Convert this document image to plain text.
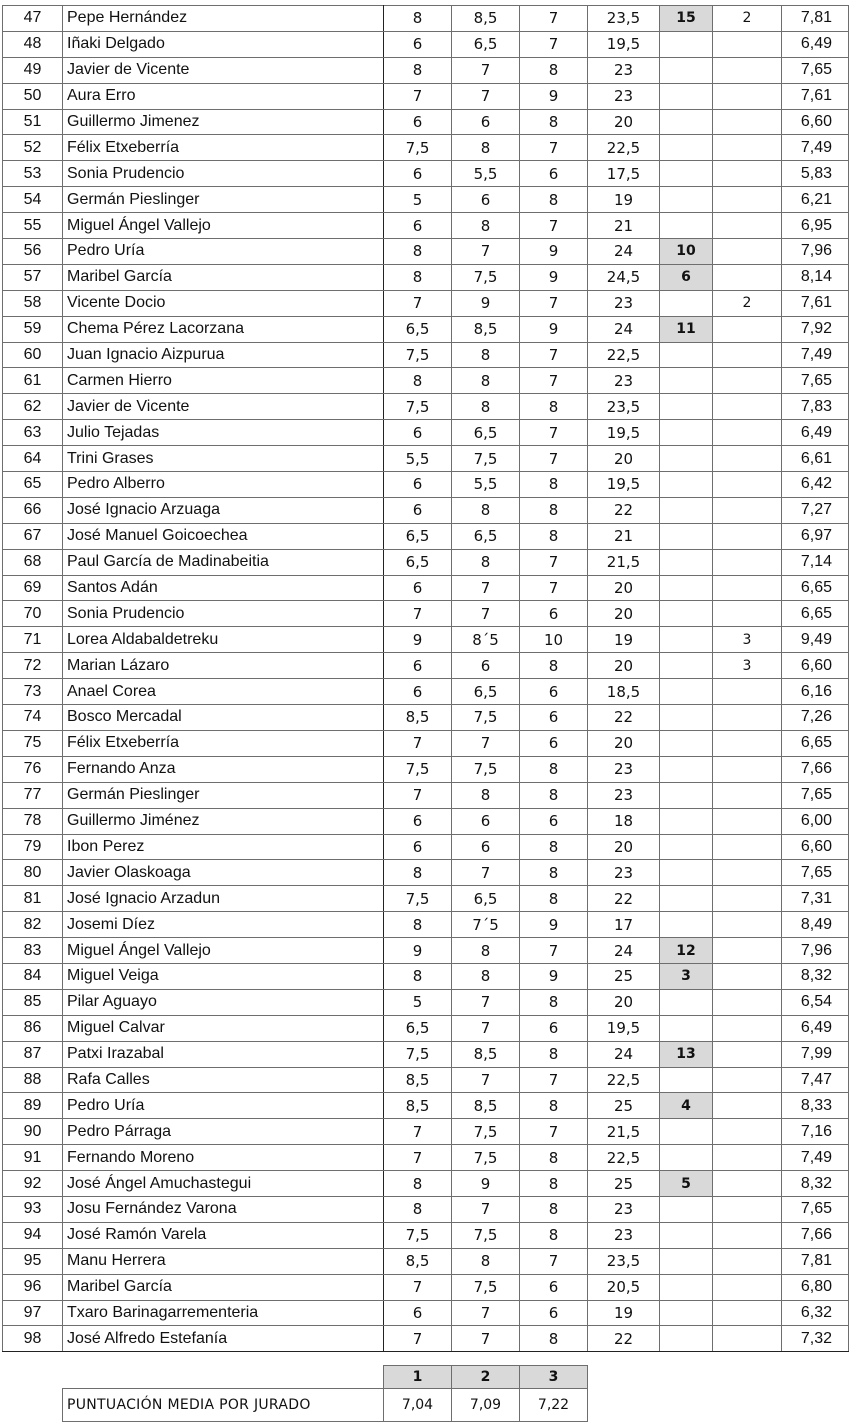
47	Pepe Hernández	8	8,5	7	23,5	15	2	7,81
48	Iñaki Delgado	6	6,5	7	19,5			6,49
49	Javier de Vicente	8	7	8	23			7,65
50	Aura Erro	7	7	9	23			7,61
51	Guillermo Jimenez	6	6	8	20			6,60
52	Félix Etxeberría	7,5	8	7	22,5			7,49
53	Sonia Prudencio	6	5,5	6	17,5			5,83
54	Germán Pieslinger	5	6	8	19			6,21
55	Miguel Ángel Vallejo	6	8	7	21			6,95
56	Pedro Uría	8	7	9	24	10		7,96
57	Maribel García	8	7,5	9	24,5	6		8,14
58	Vicente Docio	7	9	7	23		2	7,61
59	Chema Pérez Lacorzana	6,5	8,5	9	24	11		7,92
60	Juan Ignacio Aizpurua	7,5	8	7	22,5			7,49
61	Carmen Hierro	8	8	7	23			7,65
62	Javier de Vicente	7,5	8	8	23,5			7,83
63	Julio Tejadas	6	6,5	7	19,5			6,49
64	Trini Grases	5,5	7,5	7	20			6,61
65	Pedro Alberro	6	5,5	8	19,5			6,42
66	José Ignacio Arzuaga	6	8	8	22			7,27
67	José Manuel Goicoechea	6,5	6,5	8	21			6,97
68	Paul García de Madinabeitia	6,5	8	7	21,5			7,14
69	Santos Adán	6	7	7	20			6,65
70	Sonia Prudencio	7	7	6	20			6,65
71	Lorea Aldabaldetreku	9	8´5	10	19		3	9,49
72	Marian Lázaro	6	6	8	20		3	6,60
73	Anael Corea	6	6,5	6	18,5			6,16
74	Bosco Mercadal	8,5	7,5	6	22			7,26
75	Félix Etxeberría	7	7	6	20			6,65
76	Fernando Anza	7,5	7,5	8	23			7,66
77	Germán Pieslinger	7	8	8	23			7,65
78	Guillermo Jiménez	6	6	6	18			6,00
79	Ibon Perez	6	6	8	20			6,60
80	Javier Olaskoaga	8	7	8	23			7,65
81	José Ignacio Arzadun	7,5	6,5	8	22			7,31
82	Josemi Díez	8	7´5	9	17			8,49
83	Miguel Ángel Vallejo	9	8	7	24	12		7,96
84	Miguel Veiga	8	8	9	25	3		8,32
85	Pilar Aguayo	5	7	8	20			6,54
86	Miguel Calvar	6,5	7	6	19,5			6,49
87	Patxi Irazabal	7,5	8,5	8	24	13		7,99
88	Rafa Calles	8,5	7	7	22,5			7,47
89	Pedro Uría	8,5	8,5	8	25	4		8,33
90	Pedro Párraga	7	7,5	7	21,5			7,16
91	Fernando Moreno	7	7,5	8	22,5			7,49
92	José Ángel Amuchastegui	8	9	8	25	5		8,32
93	Josu Fernández Varona	8	7	8	23			7,65
94	José Ramón Varela	7,5	7,5	8	23			7,66
95	Manu Herrera	8,5	8	7	23,5			7,81
96	Maribel García	7	7,5	6	20,5			6,80
97	Txaro Barinagarrementeria	6	7	6	19			6,32
98	José Alfredo Estefanía	7	7	8	22			7,32
	1	2	3
PUNTUACIÓN MEDIA POR JURADO	7,04	7,09	7,22
